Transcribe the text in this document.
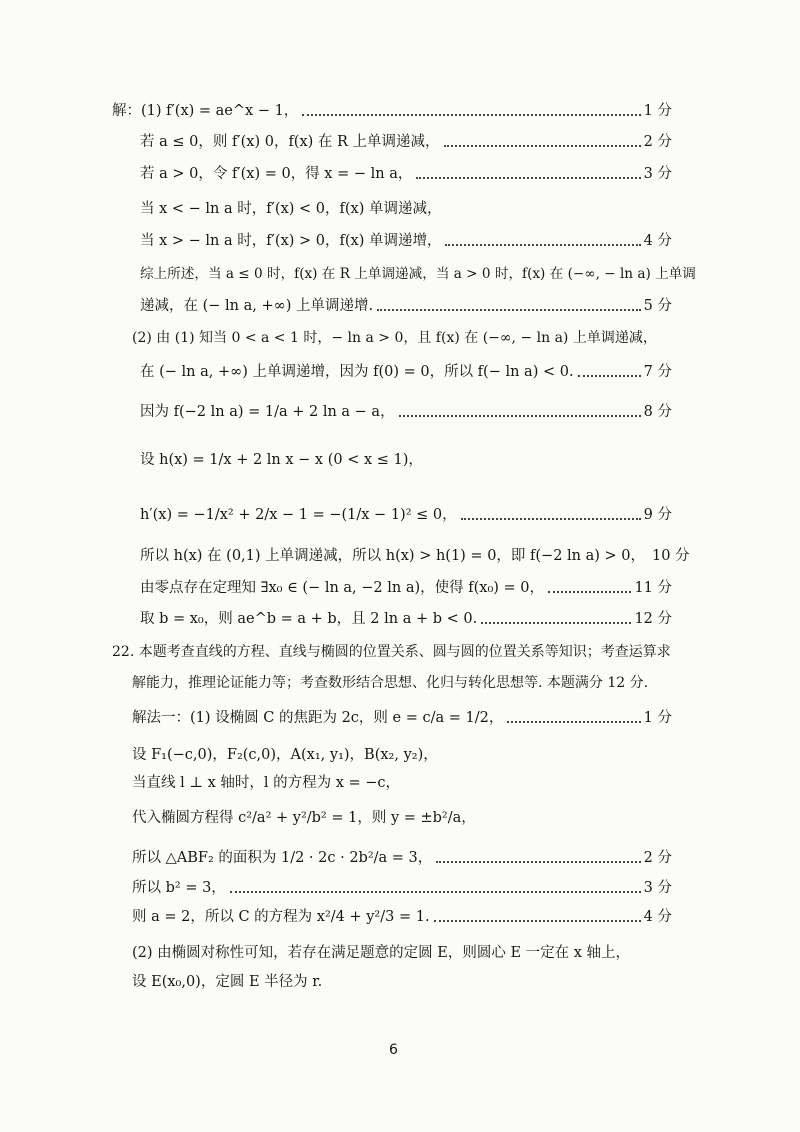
解：(1) f′(x) = ae^x − 1，	1 分
若 a ≤ 0，则 f′(x) 0，f(x) 在 R 上单调递减，	2 分
若 a > 0，令 f′(x) = 0，得 x = − ln a，	3 分
当 x < − ln a 时，f′(x) < 0，f(x) 单调递减，
当 x > − ln a 时，f′(x) > 0，f(x) 单调递增，	4 分
综上所述，当 a ≤ 0 时，f(x) 在 R 上单调递减，当 a > 0 时，f(x) 在 (−∞, − ln a) 上单调
递减，在 (− ln a, +∞) 上单调递增.	5 分
(2) 由 (1) 知当 0 < a < 1 时，− ln a > 0，且 f(x) 在 (−∞, − ln a) 上单调递减，
在 (− ln a, +∞) 上单调递增，因为 f(0) = 0，所以 f(− ln a) < 0.	7 分
因为 f(−2 ln a) = 1/a + 2 ln a − a，	8 分
设 h(x) = 1/x + 2 ln x − x (0 < x ≤ 1)，
h′(x) = −1/x² + 2/x − 1 = −(1/x − 1)² ≤ 0，	9 分
所以 h(x) 在 (0,1) 上单调递减，所以 h(x) > h(1) = 0，即 f(−2 ln a) > 0， 10 分
由零点存在定理知 ∃x₀ ∈ (− ln a, −2 ln a)，使得 f(x₀) = 0，	11 分
取 b = x₀，则 ae^b = a + b，且 2 ln a + b < 0.	12 分
22. 本题考查直线的方程、直线与椭圆的位置关系、圆与圆的位置关系等知识；考查运算求
解能力，推理论证能力等；考查数形结合思想、化归与转化思想等. 本题满分 12 分.
解法一：(1) 设椭圆 C 的焦距为 2c，则 e = c/a = 1/2，	1 分
设 F₁(−c,0)，F₂(c,0)，A(x₁, y₁)，B(x₂, y₂)，
当直线 l ⊥ x 轴时，l 的方程为 x = −c，
代入椭圆方程得 c²/a² + y²/b² = 1，则 y = ±b²/a，
所以 △ABF₂ 的面积为 1/2 · 2c · 2b²/a = 3，	2 分
所以 b² = 3，	3 分
则 a = 2，所以 C 的方程为 x²/4 + y²/3 = 1.	4 分
(2) 由椭圆对称性可知，若存在满足题意的定圆 E，则圆心 E 一定在 x 轴上，
设 E(x₀,0)，定圆 E 半径为 r.
6
